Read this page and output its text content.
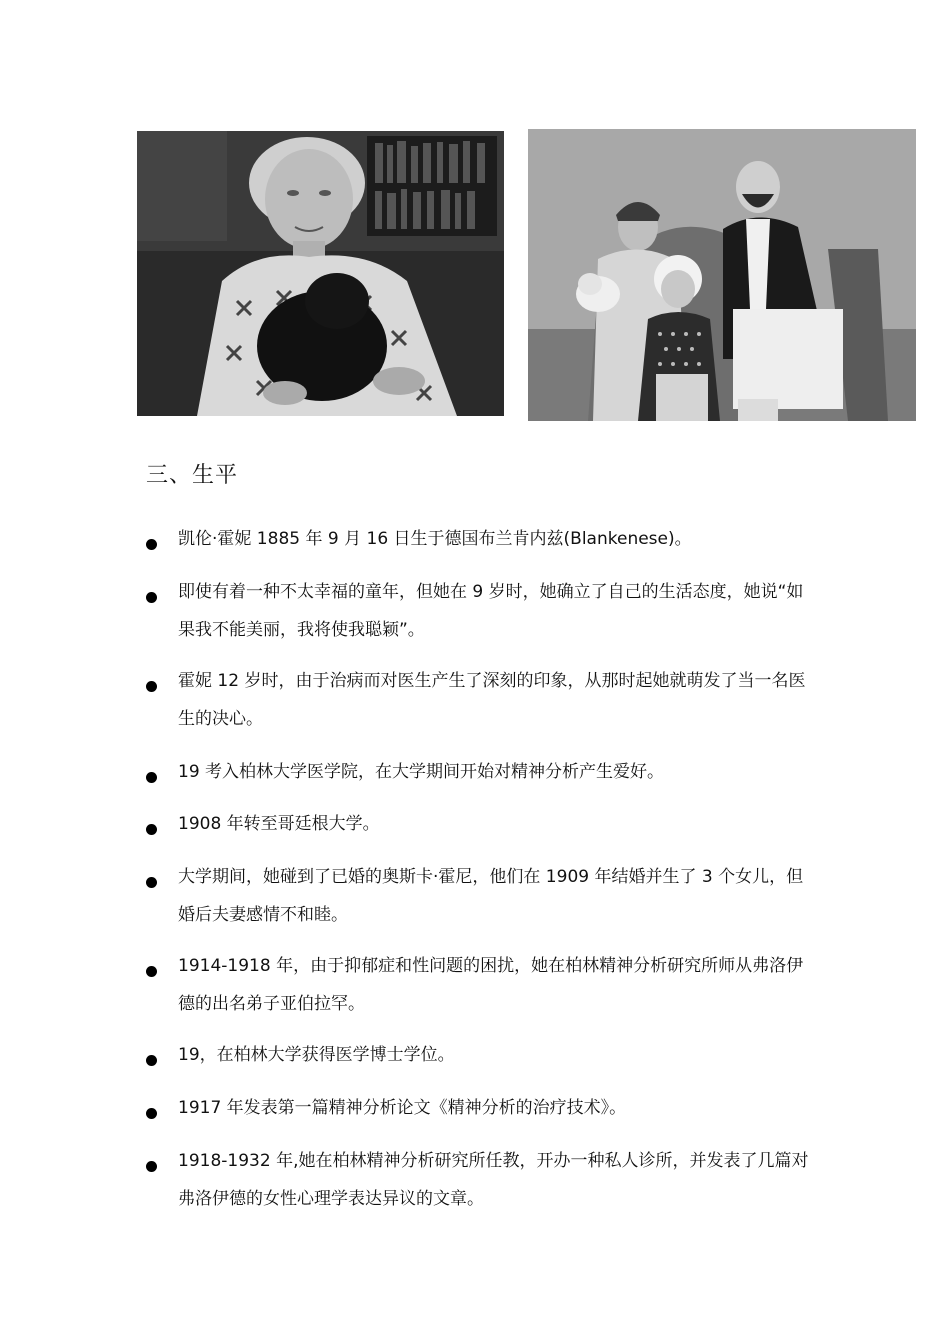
三、生平
凯伦·霍妮 1885 年 9 月 16 日生于德国布兰肯内兹(Blankenese)。
即使有着一种不太幸福的童年，但她在 9 岁时，她确立了自己的生活态度，她说“如果我不能美丽，我将使我聪颖”。
霍妮 12 岁时，由于治病而对医生产生了深刻的印象，从那时起她就萌发了当一名医生的决心。
19 考入柏林大学医学院，在大学期间开始对精神分析产生爱好。
1908 年转至哥廷根大学。
大学期间，她碰到了已婚的奥斯卡·霍尼，他们在 1909 年结婚并生了 3 个女儿，但婚后夫妻感情不和睦。
1914-1918 年，由于抑郁症和性问题的困扰，她在柏林精神分析研究所师从弗洛伊德的出名弟子亚伯拉罕。
19，在柏林大学获得医学博士学位。
1917 年发表第一篇精神分析论文《精神分析的治疗技术》。
1918-1932 年,她在柏林精神分析研究所任教，开办一种私人诊所，并发表了几篇对弗洛伊德的女性心理学表达异议的文章。
